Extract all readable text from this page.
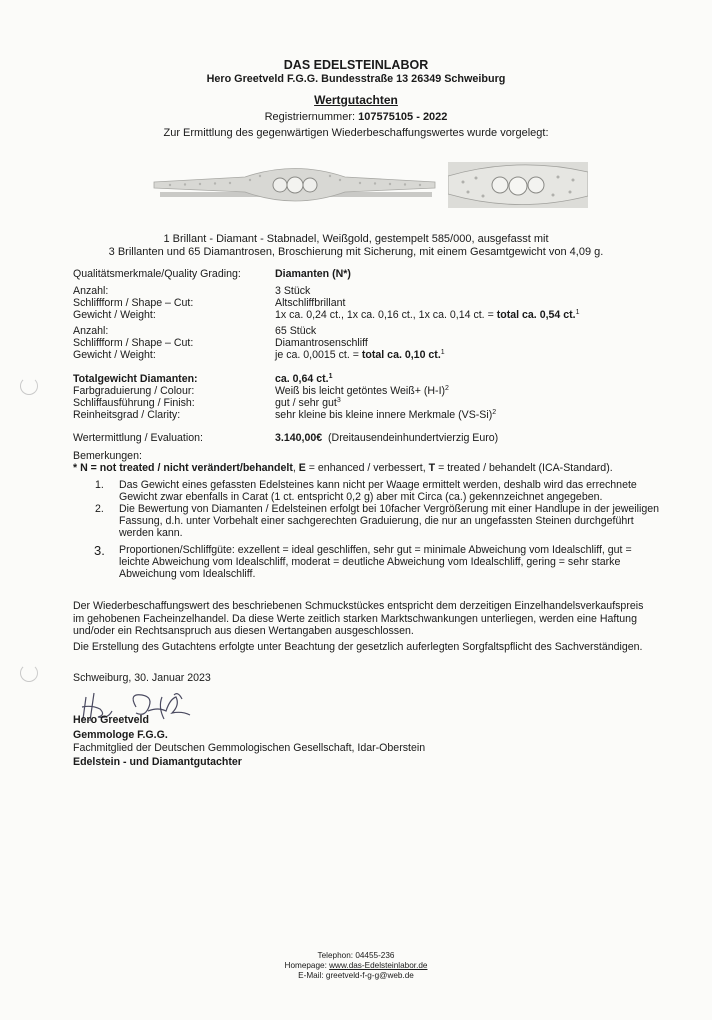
DAS EDELSTEINLABOR
Hero Greetveld F.G.G. Bundesstraße 13 26349 Schweiburg
Wertgutachten
Registriernummer: 107575105 - 2022
Zur Ermittlung des gegenwärtigen Wiederbeschaffungswertes wurde vorgelegt:
1 Brillant - Diamant - Stabnadel, Weißgold, gestempelt 585/000, ausgefasst mit
3 Brillanten und 65 Diamantrosen, Broschierung mit Sicherung, mit einem Gesamtgewicht von 4,09 g.
Qualitätsmerkmale/Quality Grading:	Diamanten (N*)
Anzahl:	3 Stück
Schliffform / Shape – Cut:	Altschliffbrillant
Gewicht / Weight:	1x ca. 0,24 ct., 1x ca. 0,16 ct., 1x ca. 0,14 ct. = total ca. 0,54 ct.$^1$
Anzahl:	65 Stück
Schliffform / Shape – Cut:	Diamantrosenschliff
Gewicht / Weight:	je ca. 0,0015 ct. = total ca. 0,10 ct.$^1$
Totalgewicht Diamanten:	ca. 0,64 ct.$^1$
Farbgraduierung / Colour:	Weiß bis leicht getöntes Weiß+ $(H-I)^2$
Schliffausführung / Finish:	gut / sehr gut$^3$
Reinheitsgrad / Clarity:	sehr kleine bis kleine innere Merkmale $(VS-Si)^2$
Wertermittlung / Evaluation:	3.140,00€ (Dreitausendeinhundertvierzig Euro)
Bemerkungen:
* N = not treated / nicht verändert/behandelt, E = enhanced / verbessert, T = treated / behandelt (ICA-Standard).
1. Das Gewicht eines gefassten Edelsteines kann nicht per Waage ermittelt werden, deshalb wird das errechnete Gewicht zwar ebenfalls in Carat (1 ct. entspricht 0,2 g) aber mit Circa (ca.) gekennzeichnet angegeben.
2. Die Bewertung von Diamanten / Edelsteinen erfolgt bei 10facher Vergrößerung mit einer Handlupe in der jeweiligen Fassung, d.h. unter Vorbehalt einer sachgerechten Graduierung, die nur an ungefassten Steinen durchgeführt werden kann.
3. Proportionen/Schliffgüte: exzellent = ideal geschliffen, sehr gut = minimale Abweichung vom Idealschliff, gut = leichte Abweichung vom Idealschliff, moderat = deutliche Abweichung vom Idealschliff, gering = sehr starke Abweichung vom Idealschliff.
Der Wiederbeschaffungswert des beschriebenen Schmuckstückes entspricht dem derzeitigen Einzelhandelsverkaufspreis im gehobenen Facheinzelhandel. Da diese Werte zeitlich starken Marktschwankungen unterliegen, werden eine Haftung und/oder ein Rechtsanspruch aus diesen Wertangaben ausgeschlossen.
Die Erstellung des Gutachtens erfolgte unter Beachtung der gesetzlich auferlegten Sorgfaltspflicht des Sachverständigen.
Schweiburg, 30. Januar 2023
Hero Greetveld
Gemmologe F.G.G.
Fachmitglied der Deutschen Gemmologischen Gesellschaft, Idar-Oberstein
Edelstein - und Diamantgutachter
Telephon: 04455-236
Homepage: www.das-Edelsteinlabor.de
E-Mail: greetveld-f-g-g@web.de
